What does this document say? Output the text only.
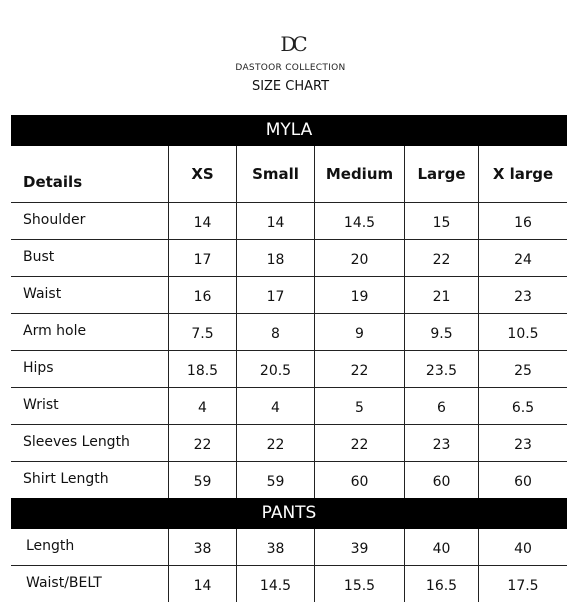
DC
DASTOOR COLLECTION
SIZE CHART
MYLA
Details	XS	Small	Medium	Large	X large
Shoulder	14	14	14.5	15	16
Bust	17	18	20	22	24
Waist	16	17	19	21	23
Arm hole	7.5	8	9	9.5	10.5
Hips	18.5	20.5	22	23.5	25
Wrist	4	4	5	6	6.5
Sleeves Length	22	22	22	23	23
Shirt Length	59	59	60	60	60
PANTS
Length	38	38	39	40	40
Waist/BELT	14	14.5	15.5	16.5	17.5
